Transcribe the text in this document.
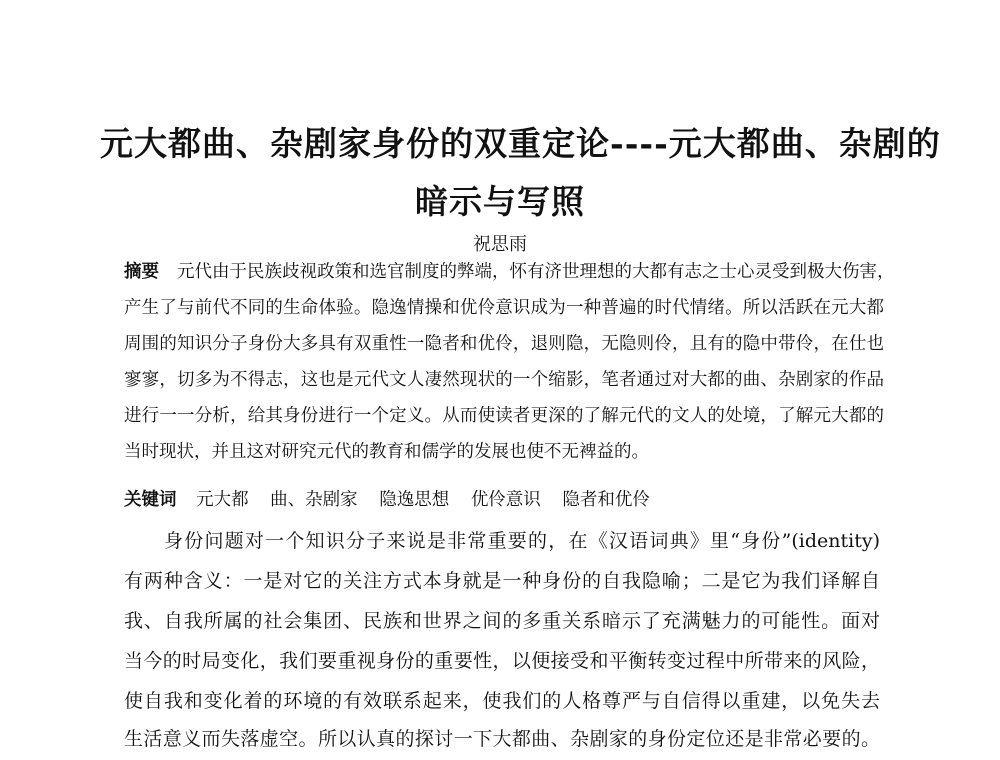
元大都曲、杂剧家身份的双重定论----元大都曲、杂剧的
暗示与写照
祝思雨
摘要 元代由于民族歧视政策和选官制度的弊端，怀有济世理想的大都有志之士心灵受到极大伤害，
产生了与前代不同的生命体验。隐逸情操和优伶意识成为一种普遍的时代情绪。所以活跃在元大都
周围的知识分子身份大多具有双重性一隐者和优伶，退则隐，无隐则伶，且有的隐中带伶，在仕也
寥寥，切多为不得志，这也是元代文人凄然现状的一个缩影，笔者通过对大都的曲、杂剧家的作品
进行一一分析，给其身份进行一个定义。从而使读者更深的了解元代的文人的处境，了解元大都的
当时现状，并且这对研究元代的教育和儒学的发展也使不无裨益的。
关键词 元大都 曲、杂剧家 隐逸思想 优伶意识 隐者和优伶
身份问题对一个知识分子来说是非常重要的，在《汉语词典》里“身份”(identity)
有两种含义：一是对它的关注方式本身就是一种身份的自我隐喻；二是它为我们译解自
我、自我所属的社会集团、民族和世界之间的多重关系暗示了充满魅力的可能性。面对
当今的时局变化，我们要重视身份的重要性，以便接受和平衡转变过程中所带来的风险，
使自我和变化着的环境的有效联系起来，使我们的人格尊严与自信得以重建，以免失去
生活意义而失落虚空。所以认真的探讨一下大都曲、杂剧家的身份定位还是非常必要的。
